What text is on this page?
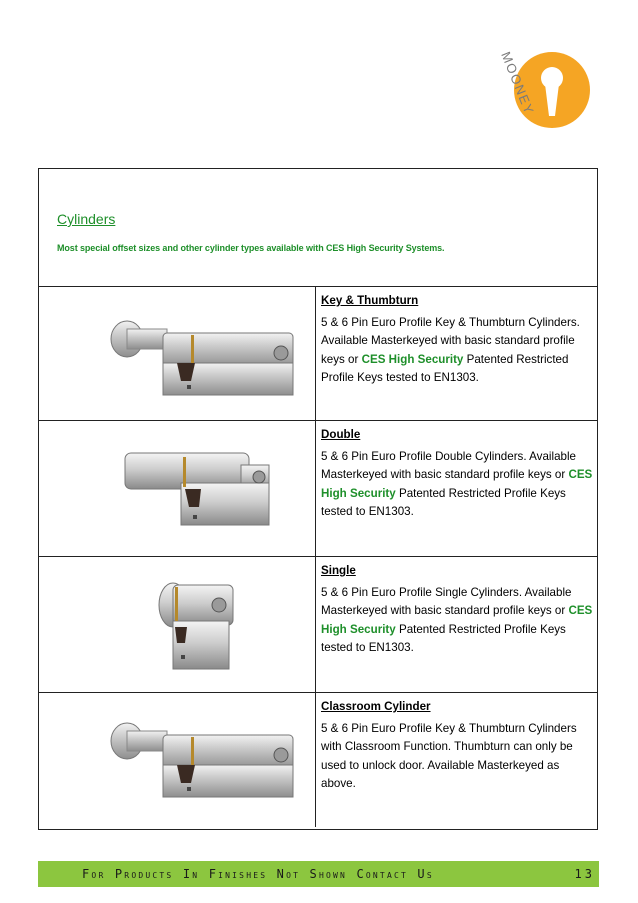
MOONEY
Cylinders
Most special offset sizes and other cylinder types available with CES High Security Systems.
Key & Thumbturn
5 & 6 Pin Euro Profile Key & Thumbturn Cylinders. Available Masterkeyed with basic standard profile keys or CES High Security Patented Restricted Profile Keys tested to EN1303.
Double
5 & 6 Pin Euro Profile Double Cylinders. Available Masterkeyed with basic standard profile keys or CES High Security Patented Restricted Profile Keys tested to EN1303.
Single
5 & 6 Pin Euro Profile Single Cylinders. Available Masterkeyed with basic standard profile keys or CES High Security Patented Restricted Profile Keys tested to EN1303.
Classroom Cylinder
5 & 6 Pin Euro Profile Key & Thumbturn Cylinders with Classroom Function. Thumbturn can only be used to unlock door. Available Masterkeyed as above.
For Products In Finishes Not Shown Contact Us	13
